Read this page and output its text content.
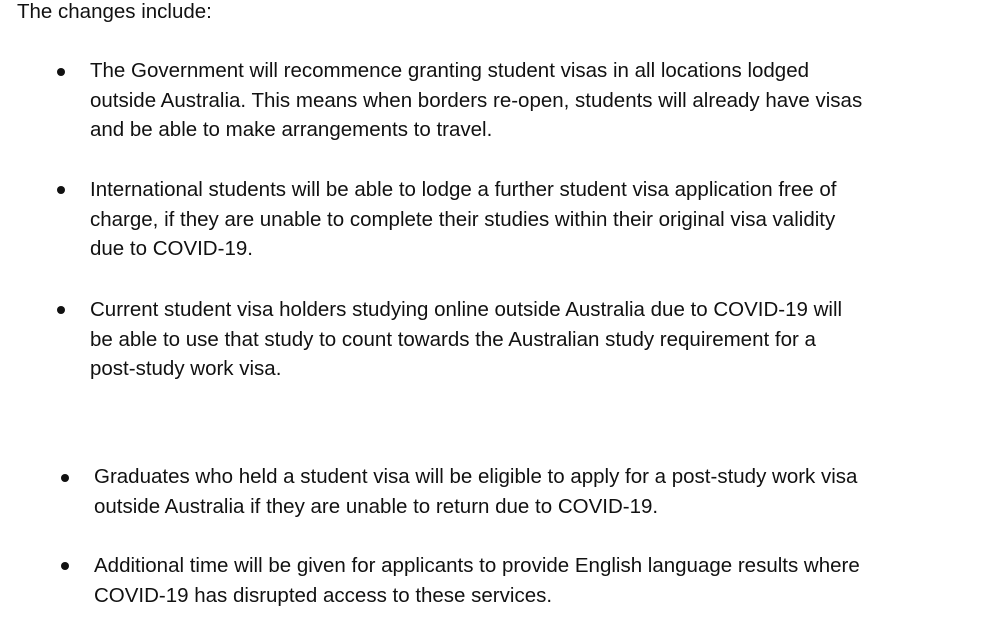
The changes include:
The Government will recommence granting student visas in all locations lodged
outside Australia. This means when borders re-open, students will already have visas
and be able to make arrangements to travel.
International students will be able to lodge a further student visa application free of
charge, if they are unable to complete their studies within their original visa validity
due to COVID-19.
Current student visa holders studying online outside Australia due to COVID-19 will
be able to use that study to count towards the Australian study requirement for a
post-study work visa.
Graduates who held a student visa will be eligible to apply for a post-study work visa
outside Australia if they are unable to return due to COVID-19.
Additional time will be given for applicants to provide English language results where
COVID-19 has disrupted access to these services.
